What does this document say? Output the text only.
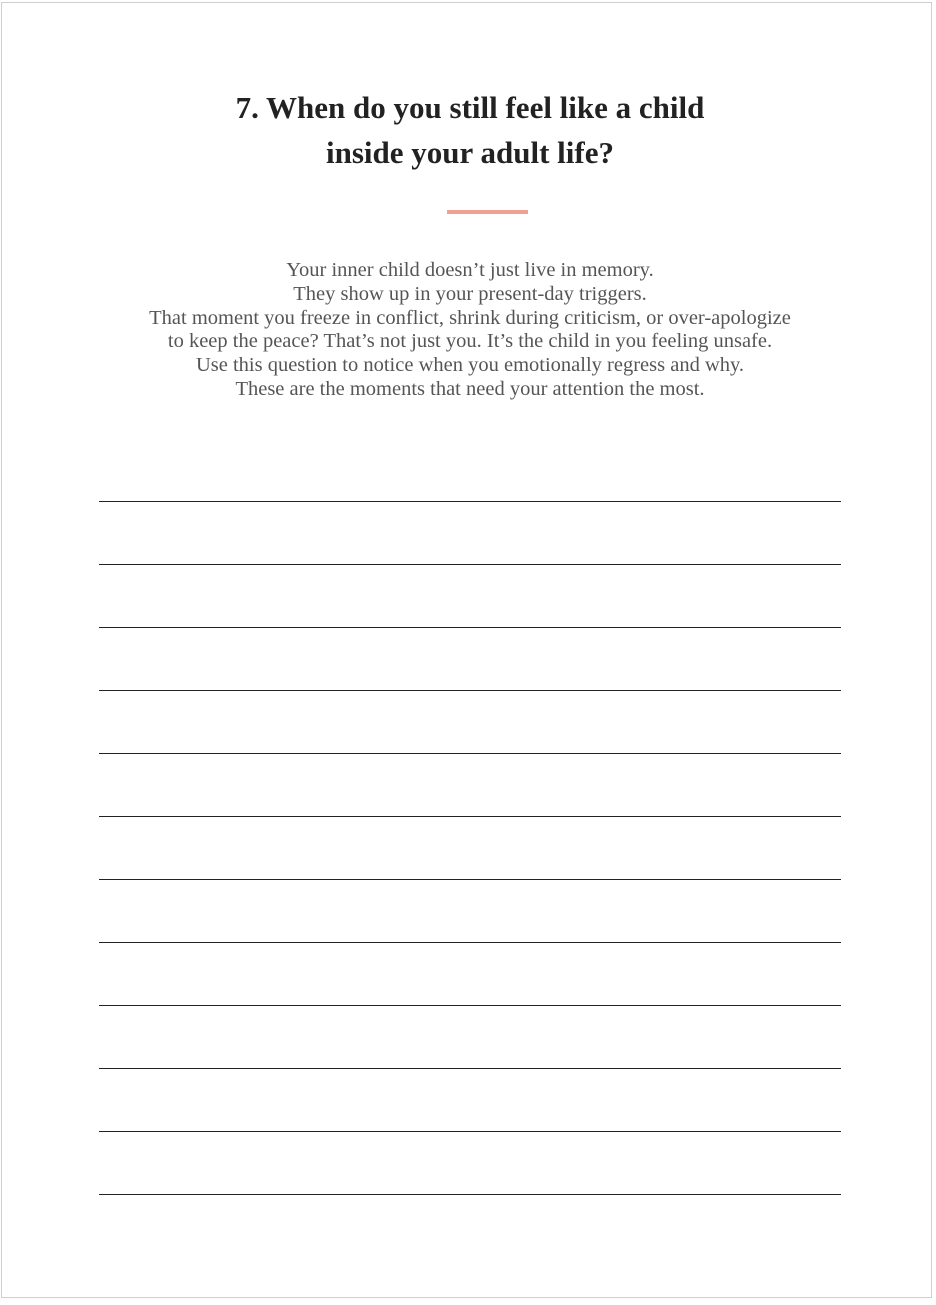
7. When do you still feel like a child
inside your adult life?

Your inner child doesn’t just live in memory.
They show up in your present-day triggers.
That moment you freeze in conflict, shrink during criticism, or over-apologize
to keep the peace? That’s not just you. It’s the child in you feeling unsafe.
Use this question to notice when you emotionally regress and why.
These are the moments that need your attention the most.
